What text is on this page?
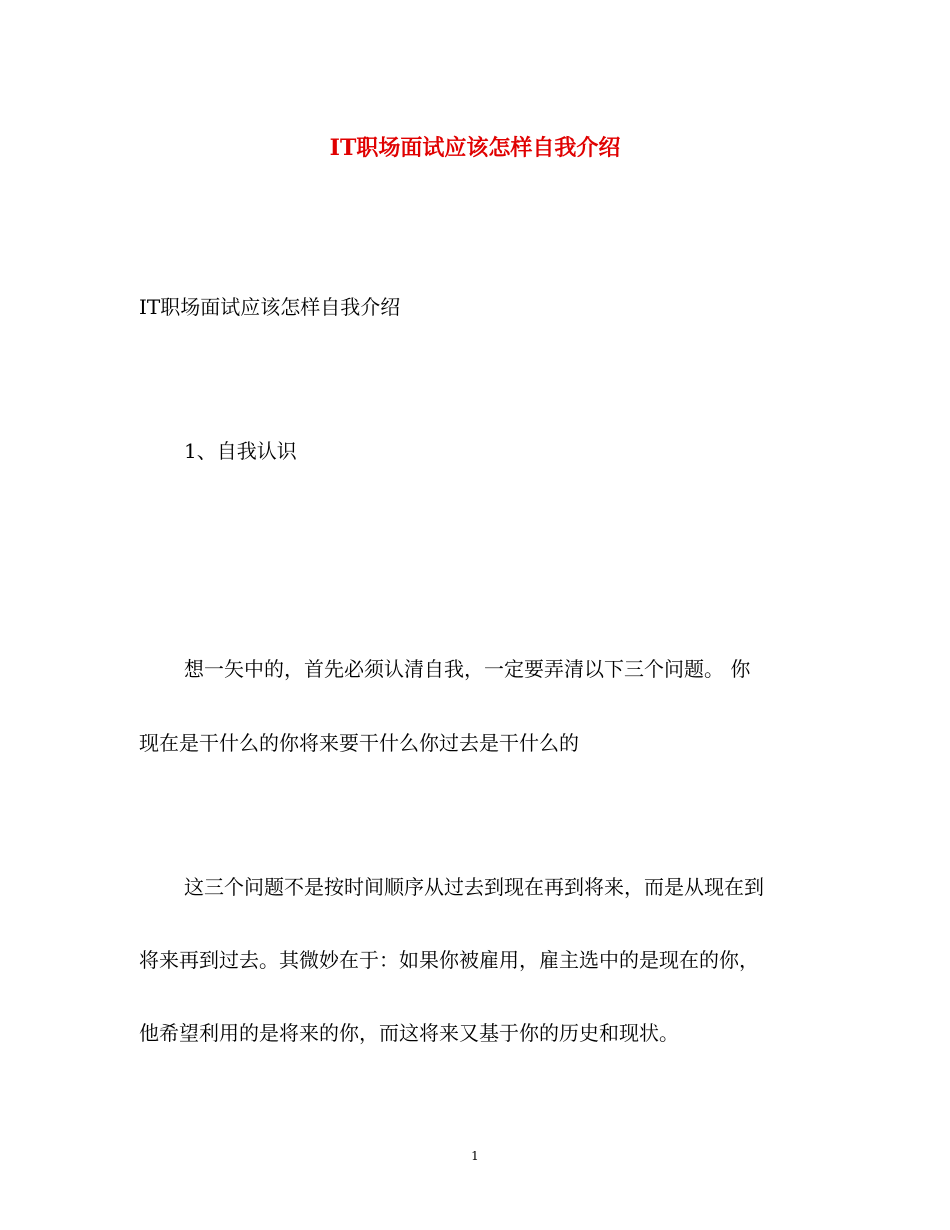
IT职场面试应该怎样自我介绍
IT职场面试应该怎样自我介绍
1、自我认识
想一矢中的，首先必须认清自我，一定要弄清以下三个问题。 你
现在是干什么的你将来要干什么你过去是干什么的
这三个问题不是按时间顺序从过去到现在再到将来，而是从现在到
将来再到过去。其微妙在于：如果你被雇用，雇主选中的是现在的你，
他希望利用的是将来的你，而这将来又基于你的历史和现状。
1
